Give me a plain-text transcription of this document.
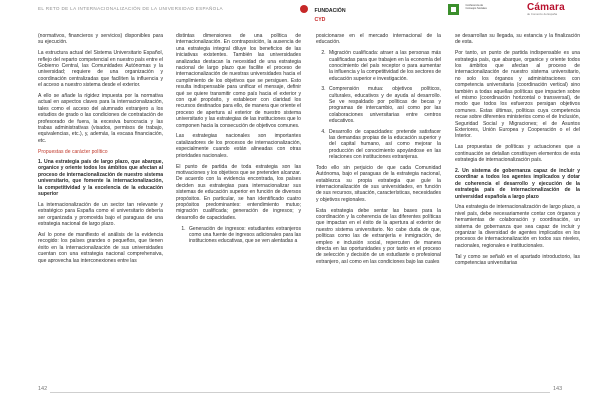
EL RETO DE LA INTERNACIONALIZACIÓN DE LA UNIVERSIDAD ESPAÑOLA	FUNDACIÓN
CYD
Conferencia de Consejos Sociales	Cámara
de Comercio de España

(normativos, financieros y servicios) disponibles para su ejecución.

La estructura actual del Sistema Universitario Español, reflejo del reparto competencial en nuestro país entre el Gobierno Central, las Comunidades Autónomas y la universidad; requiere de una organización y coordinación centralizadas que faciliten la influencia y el acceso a nuestro sistema desde el exterior.

A ello se añade la rígidez impuesta por la normativa actual en aspectos claves para la internacionalización, tales como el acceso del alumnado extranjero a los estudios de grado o las condiciones de contratación de profesorado de fuera, la excesiva burocracia y las trabas administrativas (visados, permisos de trabajo, equivalencias, etc.), y, además, la escasa financiación, etc.

Propuestas de carácter político

1. Una estrategia país de largo plazo, que abarque, organice y oriente todos los ámbitos que afectan al proceso de internacionalización de nuestro sistema universitario, que fomente la internacionalización, la competitividad y la excelencia de la educación superior

La internacionalización de un sector tan relevante y estratégico para España como el universitario debería ser organizada y promovida bajo el paraguas de una estrategia nacional de largo plazo.

Así lo pone de manifiesto el análisis de la evidencia recogido: los países grandes o pequeños, que tienen éxito en la internacionalización de sus universidades cuentan con una estrategia nacional comprehensiva, que aprovecha las interconexiones entre las

distintas dimensiones de una política de internacionalización. En contraposición, la ausencia de una estrategia integral diluye los beneficios de las iniciativas existentes. También las universidades analizadas destacan la necesidad de una estrategia nacional de largo plazo que facilite el proceso de internacionalización de nuestras universidades hacia el cumplimiento de los objetivos que se persiguen. Esto resulta indispensable para unificar el mensaje, definir qué se quiere transmitir como país hacia el exterior y con qué propósito, y establecer con claridad los recursos destinados para ello, de manera que oriente el proceso de apertura al exterior de nuestro sistema universitario y las estrategias de las instituciones que lo componen hacia la consecución de objetivos comunes.

Las estrategias nacionales son importantes catalizadores de los procesos de internacionalización, especialmente cuando están alineadas con otras prioridades nacionales.

El punto de partida de toda estrategia son las motivaciones y los objetivos que se pretenden alcanzar. De acuerdo con la evidencia encontrada, los países deciden sus estrategias para internacionalizar sus sistemas de educación superior en función de diversos propósitos. En particular, se han identificado cuatro propósitos predominantes: entendimiento mutuo; migración cualificada; generación de ingresos; y desarrollo de capacidades.

1. Generación de ingresos: estudiantes extranjeros como una fuente de ingresos adicionales para las instituciones educativas, que se ven alentadas a

posicionarse en el mercado internacional de la educación.

2. Migración cualificada: atraer a las personas más cualificadas para que trabajen en la economía del conocimiento del país receptor o para aumentar la influencia y la competitividad de los sectores de educación superior e investigación.
3. Comprensión mutua: objetivos políticos, culturales, educativos y de ayuda al desarrollo. Se ve respaldado por políticas de becas y programas de intercambio, así como por las colaboraciones universitarias entre centros educativos.
4. Desarrollo de capacidades: pretende satisfacer las demandas propias de la educación superior y del capital humano, así como mejorar la producción del conocimiento apoyándose en las relaciones con instituciones extranjeras.

Todo ello sin perjuicio de que cada Comunidad Autónoma, bajo el paraguas de la estrategia nacional, establezca su propia estrategia que guíe la internacionalización de sus universidades, en función de sus recursos, situación, características, necesidades y objetivos regionales.

Esta estrategia debe sentar las bases para la coordinación y la coherencia de las diferentes políticas que impactan en el éxito de la apertura al exterior de nuestro sistema universitario. No cabe duda de que, políticas como las de extranjería e inmigración, de empleo e inclusión social, repercuten de manera directa en las oportunidades y por tanto en el proceso de selección y decisión de un estudiante o profesional extranjero, así como en las condiciones bajo las cuales

se desarrollan su llegada, su estancia y la finalización de esta.

Por tanto, un punto de partida indispensable es una estrategia país, que abarque, organice y oriente todos los ámbitos que afectan al proceso de internacionalización de nuestro sistema universitario, no solo los órganos y administraciones con competencia universitaria (coordinación vertical) sino también a todas aquellas políticas que impacten sobre el mismo (coordinación horizontal o transversal), de modo que todos los esfuerzos persigan objetivos comunes. Estas últimas, políticas cuya competencia recae sobre diferentes ministerios como el de Inclusión, Seguridad Social y Migraciones; el de Asuntos Exteriores, Unión Europea y Cooperación o el del Interior.

Las propuestas de políticas y actuaciones que a continuación se detallan constituyen elementos de esta estrategia de internacionalización país.

2. Un sistema de gobernanza capaz de incluir y coordinar a todos los agentes implicados y dotar de coherencia el desarrollo y ejecución de la estrategia país de internacionalización de la universidad española a largo plazo

Una estrategia de internacionalización de largo plazo, a nivel país, debe necesariamente contar con órganos y herramientas de colaboración y coordinación, un sistema de gobernanza que sea capaz de incluir y organizar la diversidad de agentes implicados en los procesos de internacionalización en todos sus niveles, nacionales, regionales e institucionales.

Tal y como se señaló en el apartado introductorio, las competencias universitarias

142	143
